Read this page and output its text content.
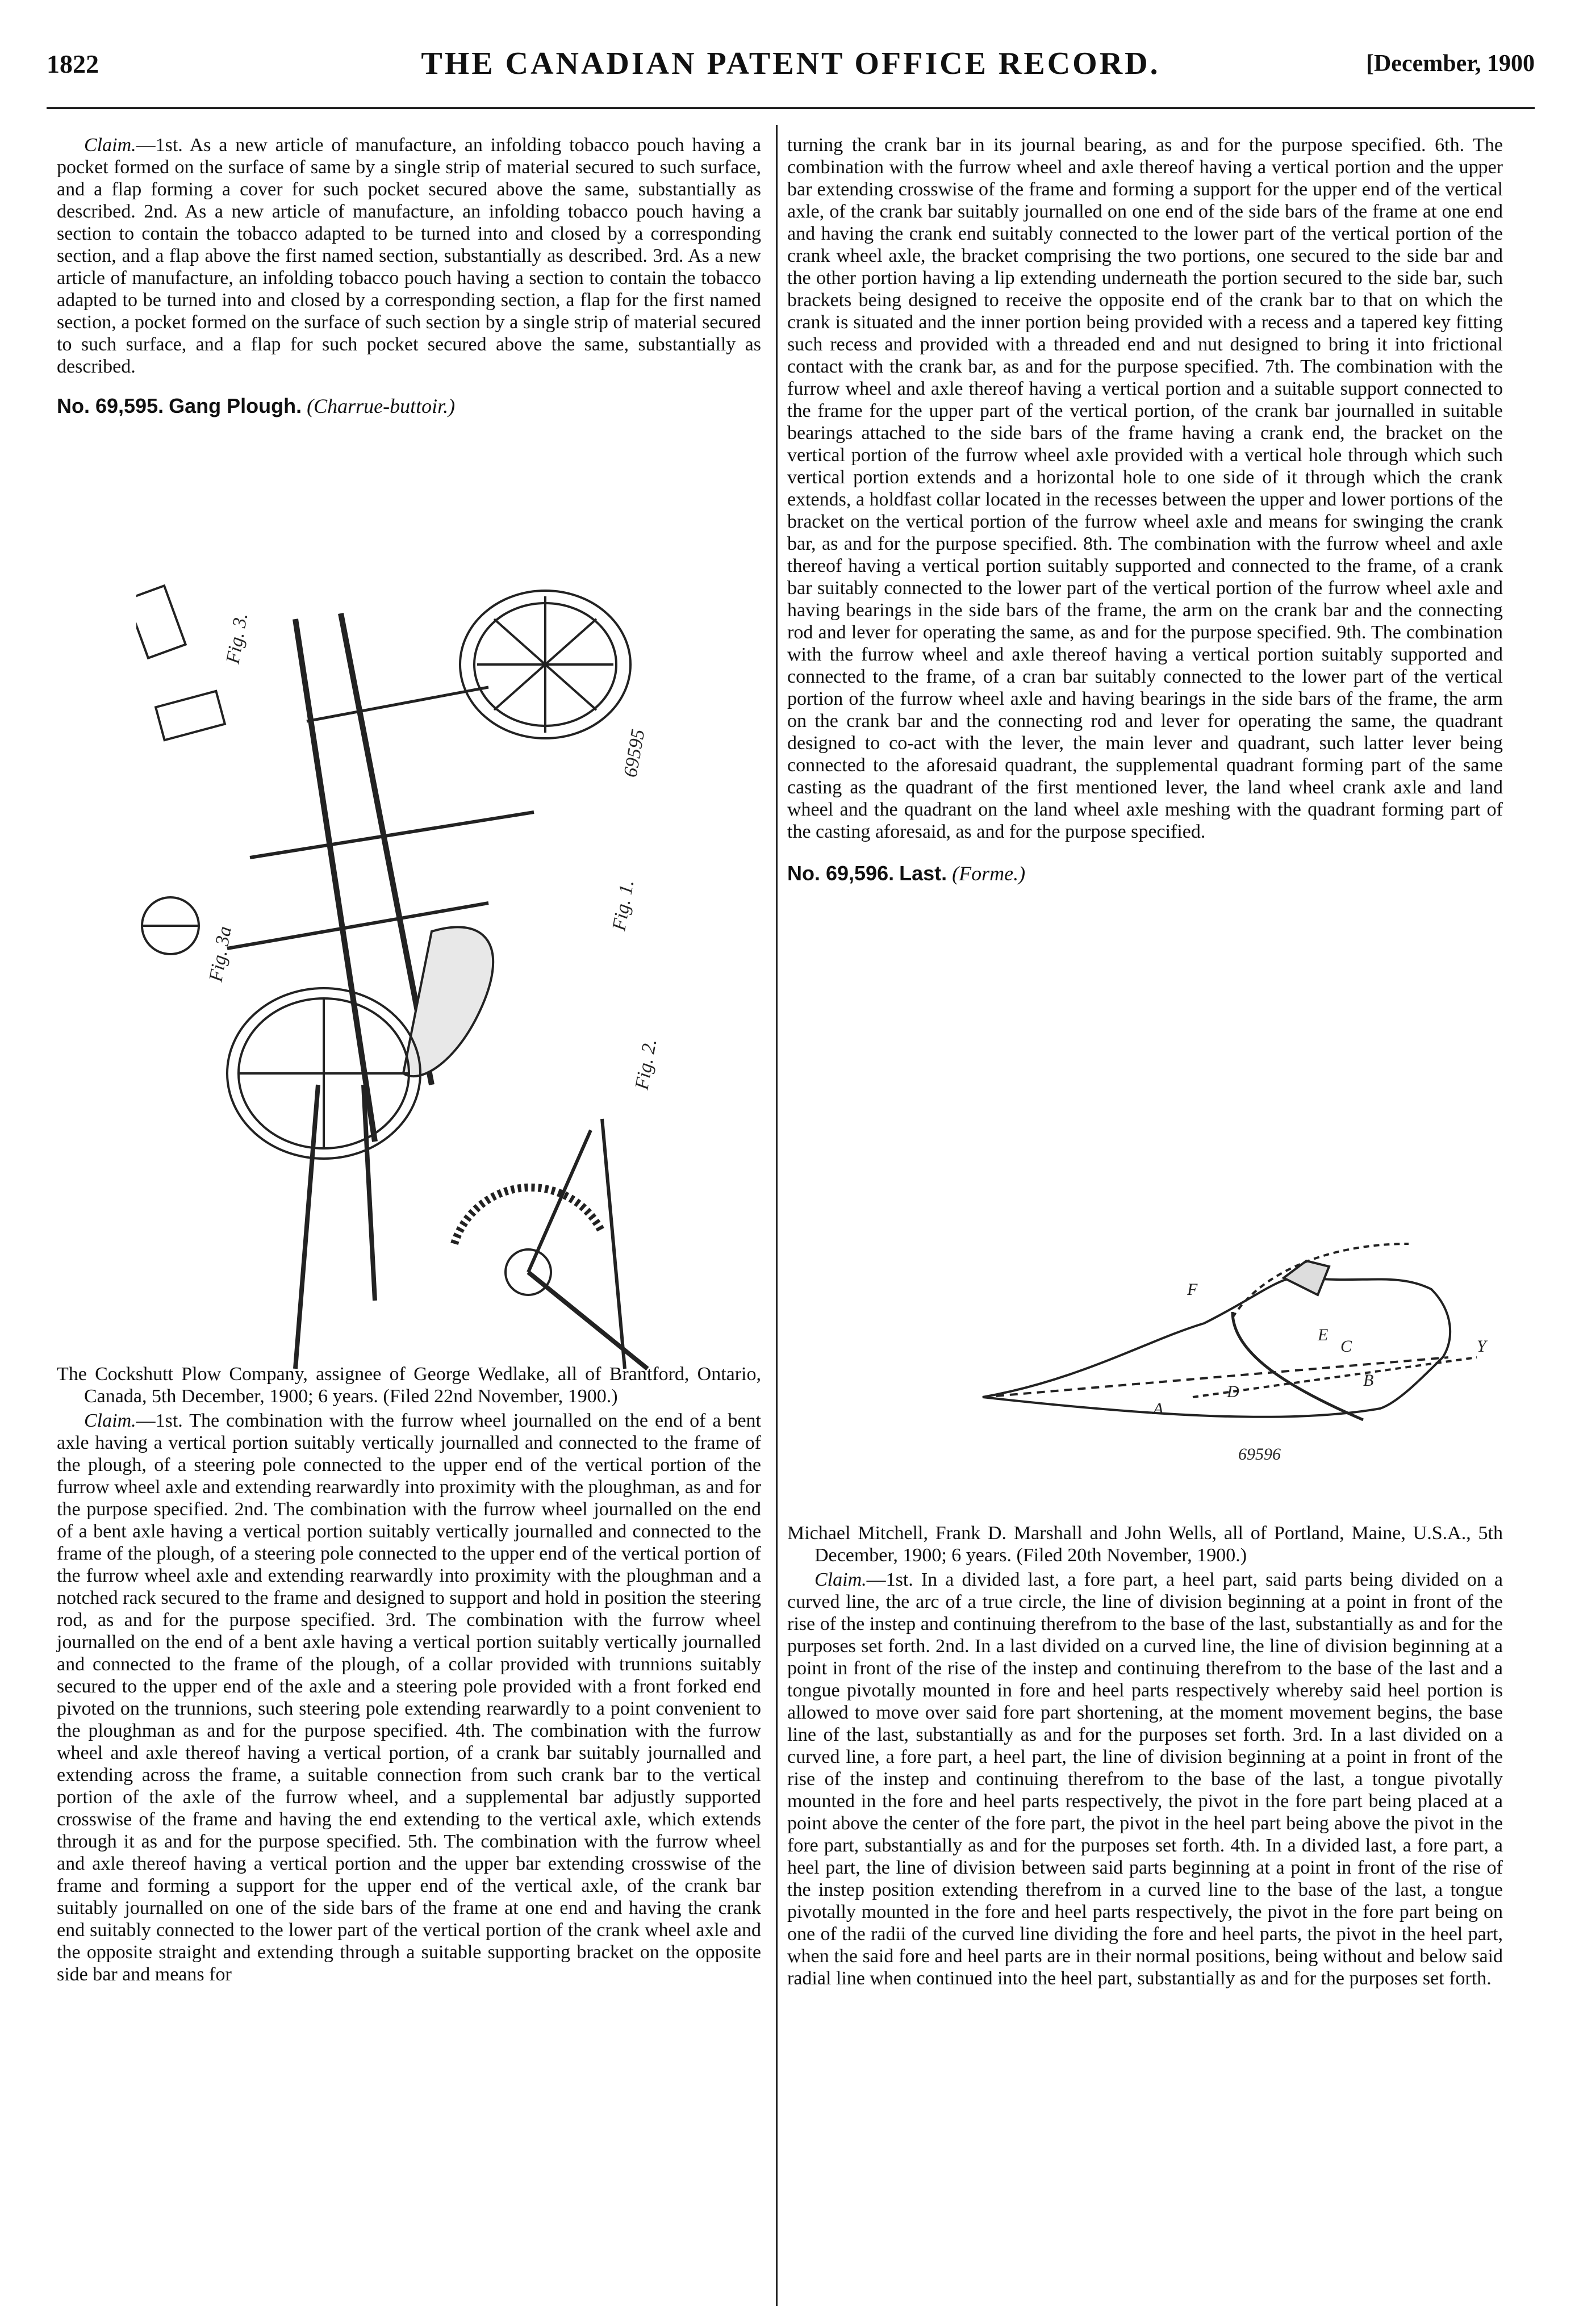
1822	THE CANADIAN PATENT OFFICE RECORD.	[December, 1900

Claim.—1st. As a new article of manufacture, an infolding tobacco pouch having a pocket formed on the surface of same by a single strip of material secured to such surface, and a flap forming a cover for such pocket secured above the same, substantially as described. 2nd. As a new article of manufacture, an infolding tobacco pouch having a section to contain the tobacco adapted to be turned into and closed by a corresponding section, and a flap above the first named section, substantially as described. 3rd. As a new article of manufacture, an infolding tobacco pouch having a section to contain the tobacco adapted to be turned into and closed by a corresponding section, a flap for the first named section, a pocket formed on the surface of such section by a single strip of material secured to such surface, and a flap for such pocket secured above the same, substantially as described.

No. 69,595. Gang Plough. (Charrue-buttoir.)

Fig. 3.
Fig. 3a
Fig. 1.
Fig. 2.
69595

The Cockshutt Plow Company, assignee of George Wedlake, all of Brantford, Ontario, Canada, 5th December, 1900; 6 years. (Filed 22nd November, 1900.)

Claim.—1st. The combination with the furrow wheel journalled on the end of a bent axle having a vertical portion suitably vertically journalled and connected to the frame of the plough, of a steering pole connected to the upper end of the vertical portion of the furrow wheel axle and extending rearwardly into proximity with the ploughman, as and for the purpose specified. 2nd. The combination with the furrow wheel journalled on the end of a bent axle having a vertical portion suitably vertically journalled and connected to the frame of the plough, of a steering pole connected to the upper end of the vertical portion of the furrow wheel axle and extending rearwardly into proximity with the ploughman and a notched rack secured to the frame and designed to support and hold in position the steering rod, as and for the purpose specified. 3rd. The combination with the furrow wheel journalled on the end of a bent axle having a vertical portion suitably vertically journalled and connected to the frame of the plough, of a collar provided with trunnions suitably secured to the upper end of the axle and a steering pole provided with a front forked end pivoted on the trunnions, such steering pole extending rearwardly to a point convenient to the ploughman as and for the purpose specified. 4th. The combination with the furrow wheel and axle thereof having a vertical portion, of a crank bar suitably journalled and extending across the frame, a suitable connection from such crank bar to the vertical portion of the axle of the furrow wheel, and a supplemental bar adjustly supported crosswise of the frame and having the end extending to the vertical axle, which extends through it as and for the purpose specified. 5th. The combination with the furrow wheel and axle thereof having a vertical portion and the upper bar extending crosswise of the frame and forming a support for the upper end of the vertical axle, of the crank bar suitably journalled on one of the side bars of the frame at one end and having the crank end suitably connected to the lower part of the vertical portion of the crank wheel axle and the opposite straight and extending through a suitable supporting bracket on the opposite side bar and means for

turning the crank bar in its journal bearing, as and for the purpose specified. 6th. The combination with the furrow wheel and axle thereof having a vertical portion and the upper bar extending crosswise of the frame and forming a support for the upper end of the vertical axle, of the crank bar suitably journalled on one end of the side bars of the frame at one end and having the crank end suitably connected to the lower part of the vertical portion of the crank wheel axle, the bracket comprising the two portions, one secured to the side bar and the other portion having a lip extending underneath the portion secured to the side bar, such brackets being designed to receive the opposite end of the crank bar to that on which the crank is situated and the inner portion being provided with a recess and a tapered key fitting such recess and provided with a threaded end and nut designed to bring it into frictional contact with the crank bar, as and for the purpose specified. 7th. The combination with the furrow wheel and axle thereof having a vertical portion and a suitable support connected to the frame for the upper part of the vertical portion, of the crank bar journalled in suitable bearings attached to the side bars of the frame having a crank end, the bracket on the vertical portion of the furrow wheel axle provided with a vertical hole through which such vertical portion extends and a horizontal hole to one side of it through which the crank extends, a holdfast collar located in the recesses between the upper and lower portions of the bracket on the vertical portion of the furrow wheel axle and means for swinging the crank bar, as and for the purpose specified. 8th. The combination with the furrow wheel and axle thereof having a vertical portion suitably supported and connected to the frame, of a crank bar suitably connected to the lower part of the vertical portion of the furrow wheel axle and having bearings in the side bars of the frame, the arm on the crank bar and the connecting rod and lever for operating the same, as and for the purpose specified. 9th. The combination with the furrow wheel and axle thereof having a vertical portion suitably supported and connected to the frame, of a cran bar suitably connected to the lower part of the vertical portion of the furrow wheel axle and having bearings in the side bars of the frame, the arm on the crank bar and the connecting rod and lever for operating the same, the quadrant designed to co-act with the lever, the main lever and quadrant, such latter lever being connected to the aforesaid quadrant, the supplemental quadrant forming part of the same casting as the quadrant of the first mentioned lever, the land wheel crank axle and land wheel and the quadrant on the land wheel axle meshing with the quadrant forming part of the casting aforesaid, as and for the purpose specified.

No. 69,596. Last. (Forme.)

A
B
C
D
E
F
Y
69596

Michael Mitchell, Frank D. Marshall and John Wells, all of Portland, Maine, U.S.A., 5th December, 1900; 6 years. (Filed 20th November, 1900.)

Claim.—1st. In a divided last, a fore part, a heel part, said parts being divided on a curved line, the arc of a true circle, the line of division beginning at a point in front of the rise of the instep and continuing therefrom to the base of the last, substantially as and for the purposes set forth. 2nd. In a last divided on a curved line, the line of division beginning at a point in front of the rise of the instep and continuing therefrom to the base of the last and a tongue pivotally mounted in fore and heel parts respectively whereby said heel portion is allowed to move over said fore part shortening, at the moment movement begins, the base line of the last, substantially as and for the purposes set forth. 3rd. In a last divided on a curved line, a fore part, a heel part, the line of division beginning at a point in front of the rise of the instep and continuing therefrom to the base of the last, a tongue pivotally mounted in the fore and heel parts respectively, the pivot in the fore part being placed at a point above the center of the fore part, the pivot in the heel part being above the pivot in the fore part, substantially as and for the purposes set forth. 4th. In a divided last, a fore part, a heel part, the line of division between said parts beginning at a point in front of the rise of the instep position extending therefrom in a curved line to the base of the last, a tongue pivotally mounted in the fore and heel parts respectively, the pivot in the fore part being on one of the radii of the curved line dividing the fore and heel parts, the pivot in the heel part, when the said fore and heel parts are in their normal positions, being without and below said radial line when continued into the heel part, substantially as and for the purposes set forth.
